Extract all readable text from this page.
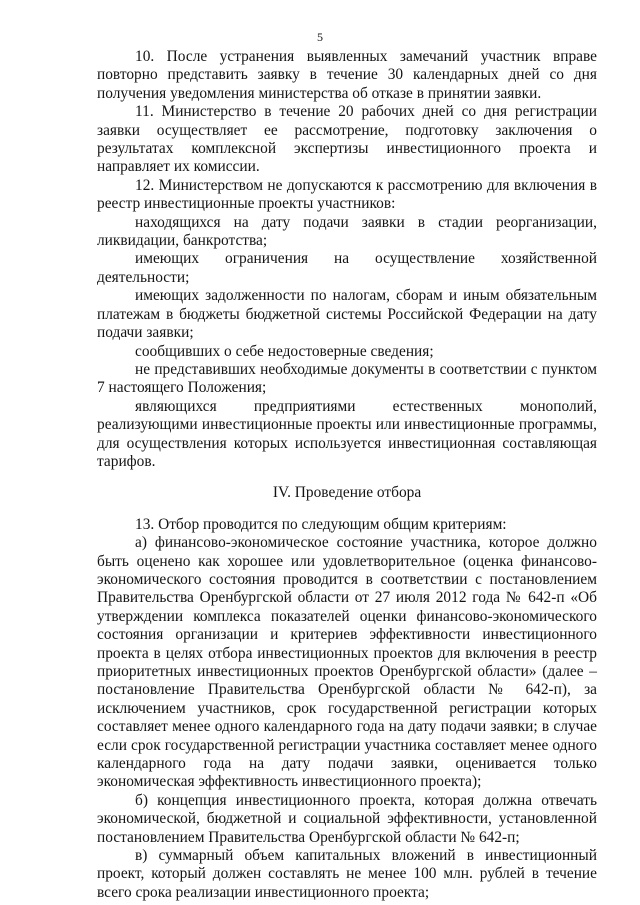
5

10. После устранения выявленных замечаний участник вправе повторно представить заявку в течение 30 календарных дней со дня получения уведомления министерства об отказе в принятии заявки.

11. Министерство в течение 20 рабочих дней со дня регистрации заявки осуществляет ее рассмотрение, подготовку заключения о результатах комплексной экспертизы инвестиционного проекта и направляет их комиссии.

12. Министерством не допускаются к рассмотрению для включения в реестр инвестиционные проекты участников:

находящихся на дату подачи заявки в стадии реорганизации, ликвидации, банкротства;

имеющих ограничения на осуществление хозяйственной деятельности;

имеющих задолженности по налогам, сборам и иным обязательным платежам в бюджеты бюджетной системы Российской Федерации на дату подачи заявки;

сообщивших о себе недостоверные сведения;

не представивших необходимые документы в соответствии с пунктом 7 настоящего Положения;

являющихся предприятиями естественных монополий, реализующими инвестиционные проекты или инвестиционные программы, для осуществления которых используется инвестиционная составляющая тарифов.

IV. Проведение отбора

13. Отбор проводится по следующим общим критериям:

а) финансово-экономическое состояние участника, которое должно быть оценено как хорошее или удовлетворительное (оценка финансово-экономического состояния проводится в соответствии с постановлением Правительства Оренбургской области от 27 июля 2012 года № 642-п «Об утверждении комплекса показателей оценки финансово-экономического состояния организации и критериев эффективности инвестиционного проекта в целях отбора инвестиционных проектов для включения в реестр приоритетных инвестиционных проектов Оренбургской области» (далее – постановление Правительства Оренбургской области № 642-п), за исключением участников, срок государственной регистрации которых составляет менее одного календарного года на дату подачи заявки; в случае если срок государственной регистрации участника составляет менее одного календарного года на дату подачи заявки, оценивается только экономическая эффективность инвестиционного проекта);

б) концепция инвестиционного проекта, которая должна отвечать экономической, бюджетной и социальной эффективности, установленной постановлением Правительства Оренбургской области № 642-п;

в) суммарный объем капитальных вложений в инвестиционный проект, который должен составлять не менее 100 млн. рублей в течение всего срока реализации инвестиционного проекта;
